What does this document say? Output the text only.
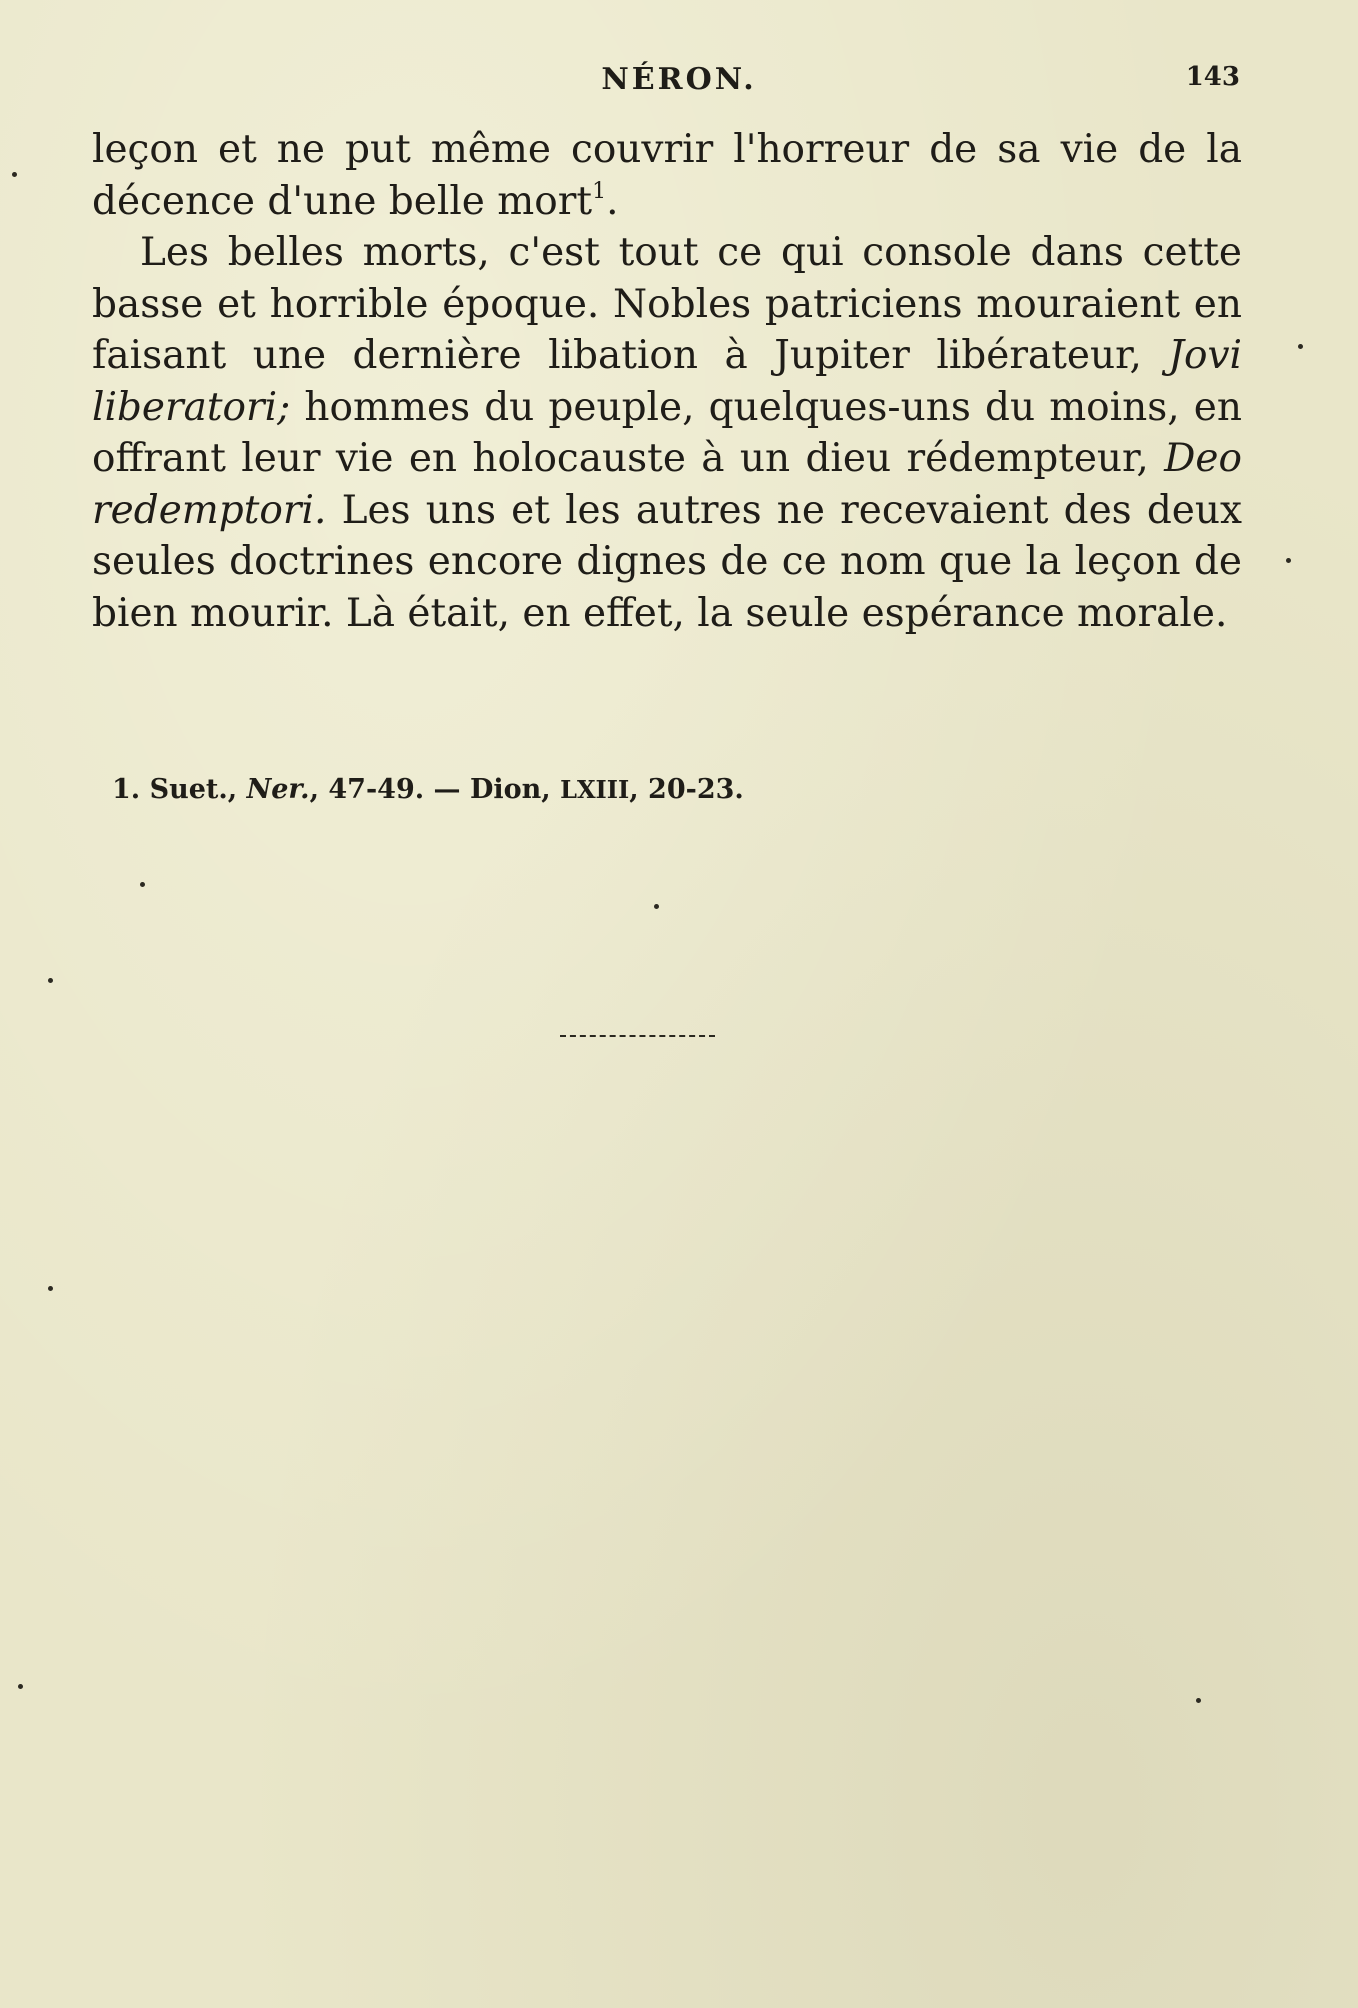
NÉRON.	143

leçon et ne put même couvrir l'horreur de sa vie de la décence d'une belle mort$^1$.

Les belles morts, c'est tout ce qui console dans cette basse et horrible époque. Nobles patriciens mouraient en faisant une dernière libation à Jupiter libérateur, Jovi liberatori; hommes du peuple, quelques-uns du moins, en offrant leur vie en holocauste à un dieu rédempteur, Deo redemptori. Les uns et les autres ne recevaient des deux seules doctrines encore dignes de ce nom que la leçon de bien mourir. Là était, en effet, la seule espérance morale.

1. Suet., Ner., 47-49. — Dion, LXIII, 20-23.
